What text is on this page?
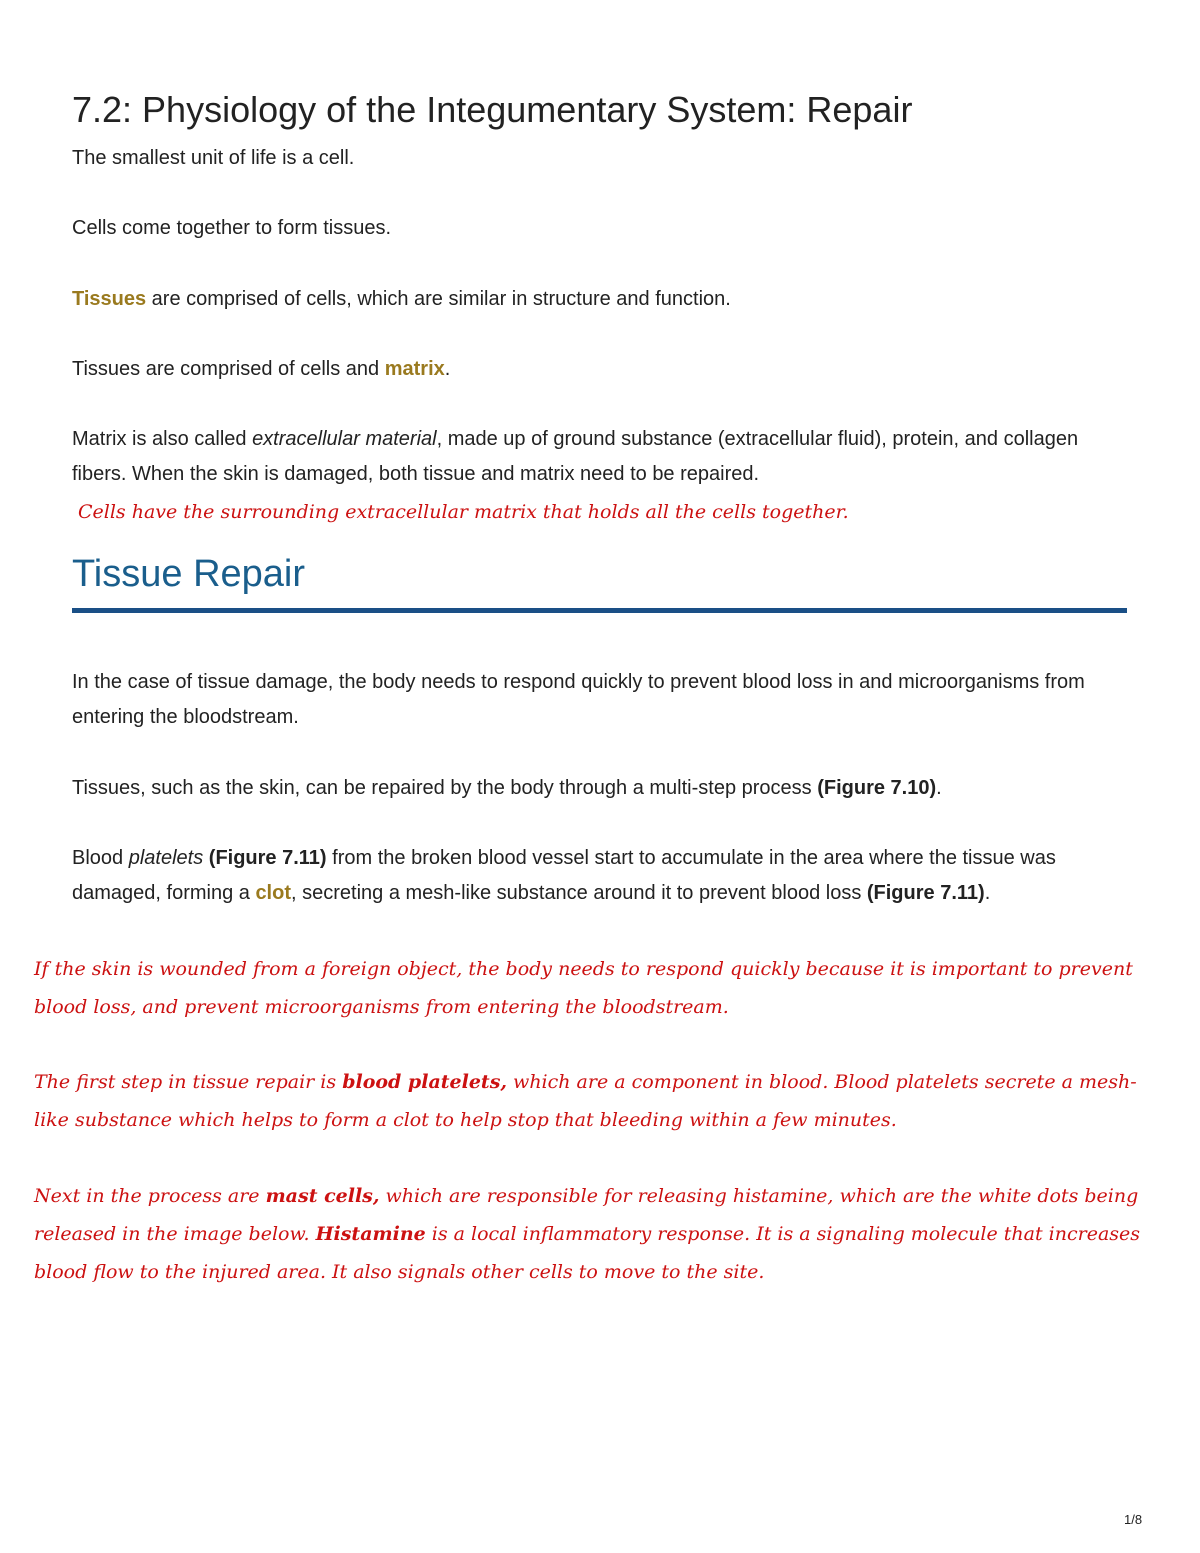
7.2: Physiology of the Integumentary System: Repair

The smallest unit of life is a cell.

Cells come together to form tissues.

Tissues are comprised of cells, which are similar in structure and function.

Tissues are comprised of cells and matrix.

Matrix is also called extracellular material, made up of ground substance (extracellular fluid), protein, and collagen fibers. When the skin is damaged, both tissue and matrix need to be repaired.

Cells have the surrounding extracellular matrix that holds all the cells together.

Tissue Repair

In the case of tissue damage, the body needs to respond quickly to prevent blood loss in and microorganisms from entering the bloodstream.

Tissues, such as the skin, can be repaired by the body through a multi-step process (Figure 7.10).

Blood platelets (Figure 7.11) from the broken blood vessel start to accumulate in the area where the tissue was damaged, forming a clot, secreting a mesh-like substance around it to prevent blood loss (Figure 7.11).

If the skin is wounded from a foreign object, the body needs to respond quickly because it is important to prevent blood loss, and prevent microorganisms from entering the bloodstream.

The first step in tissue repair is blood platelets, which are a component in blood. Blood platelets secrete a mesh-like substance which helps to form a clot to help stop that bleeding within a few minutes.

Next in the process are mast cells, which are responsible for releasing histamine, which are the white dots being released in the image below. Histamine is a local inflammatory response. It is a signaling molecule that increases blood flow to the injured area. It also signals other cells to move to the site.

1/8
